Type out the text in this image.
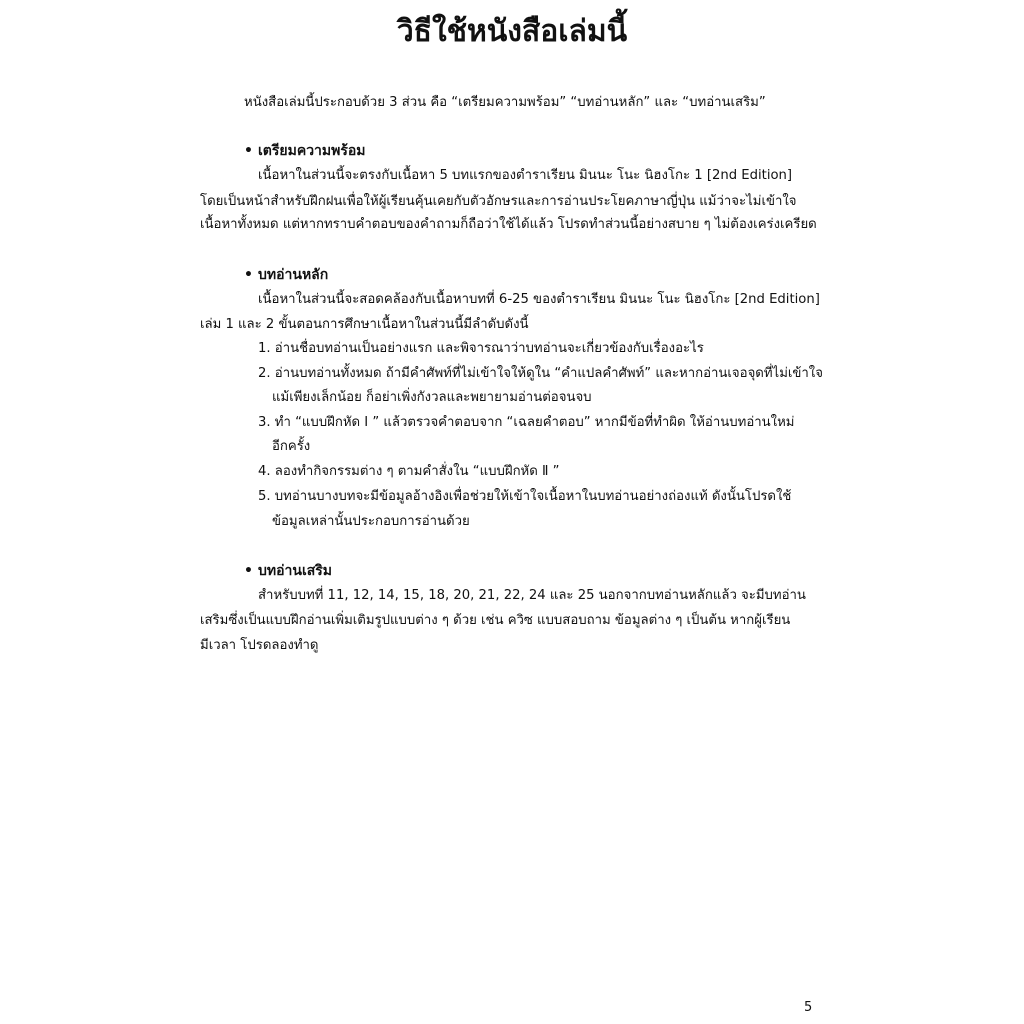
วิธีใช้หนังสือเล่มนี้
หนังสือเล่มนี้ประกอบด้วย 3 ส่วน คือ “เตรียมความพร้อม” “บทอ่านหลัก” และ “บทอ่านเสริม”
• เตรียมความพร้อม
เนื้อหาในส่วนนี้จะตรงกับเนื้อหา 5 บทแรกของตำราเรียน มินนะ โนะ นิฮงโกะ 1 [2nd Edition]
โดยเป็นหน้าสำหรับฝึกฝนเพื่อให้ผู้เรียนคุ้นเคยกับตัวอักษรและการอ่านประโยคภาษาญี่ปุ่น แม้ว่าจะไม่เข้าใจ
เนื้อหาทั้งหมด แต่หากทราบคำตอบของคำถามก็ถือว่าใช้ได้แล้ว โปรดทำส่วนนี้อย่างสบาย ๆ ไม่ต้องเคร่งเครียด
• บทอ่านหลัก
เนื้อหาในส่วนนี้จะสอดคล้องกับเนื้อหาบทที่ 6-25 ของตำราเรียน มินนะ โนะ นิฮงโกะ [2nd Edition]
เล่ม 1 และ 2 ขั้นตอนการศึกษาเนื้อหาในส่วนนี้มีลำดับดังนี้
1. อ่านชื่อบทอ่านเป็นอย่างแรก และพิจารณาว่าบทอ่านจะเกี่ยวข้องกับเรื่องอะไร
2. อ่านบทอ่านทั้งหมด ถ้ามีคำศัพท์ที่ไม่เข้าใจให้ดูใน “คำแปลคำศัพท์” และหากอ่านเจอจุดที่ไม่เข้าใจ
แม้เพียงเล็กน้อย ก็อย่าเพิ่งกังวลและพยายามอ่านต่อจนจบ
3. ทำ “แบบฝึกหัด Ⅰ ” แล้วตรวจคำตอบจาก “เฉลยคำตอบ” หากมีข้อที่ทำผิด ให้อ่านบทอ่านใหม่
อีกครั้ง
4. ลองทำกิจกรรมต่าง ๆ ตามคำสั่งใน “แบบฝึกหัด Ⅱ ”
5. บทอ่านบางบทจะมีข้อมูลอ้างอิงเพื่อช่วยให้เข้าใจเนื้อหาในบทอ่านอย่างถ่องแท้ ดังนั้นโปรดใช้
ข้อมูลเหล่านั้นประกอบการอ่านด้วย
• บทอ่านเสริม
สำหรับบทที่ 11, 12, 14, 15, 18, 20, 21, 22, 24 และ 25 นอกจากบทอ่านหลักแล้ว จะมีบทอ่าน
เสริมซึ่งเป็นแบบฝึกอ่านเพิ่มเติมรูปแบบต่าง ๆ ด้วย เช่น ควิซ แบบสอบถาม ข้อมูลต่าง ๆ เป็นต้น หากผู้เรียน
มีเวลา โปรดลองทำดู
5
